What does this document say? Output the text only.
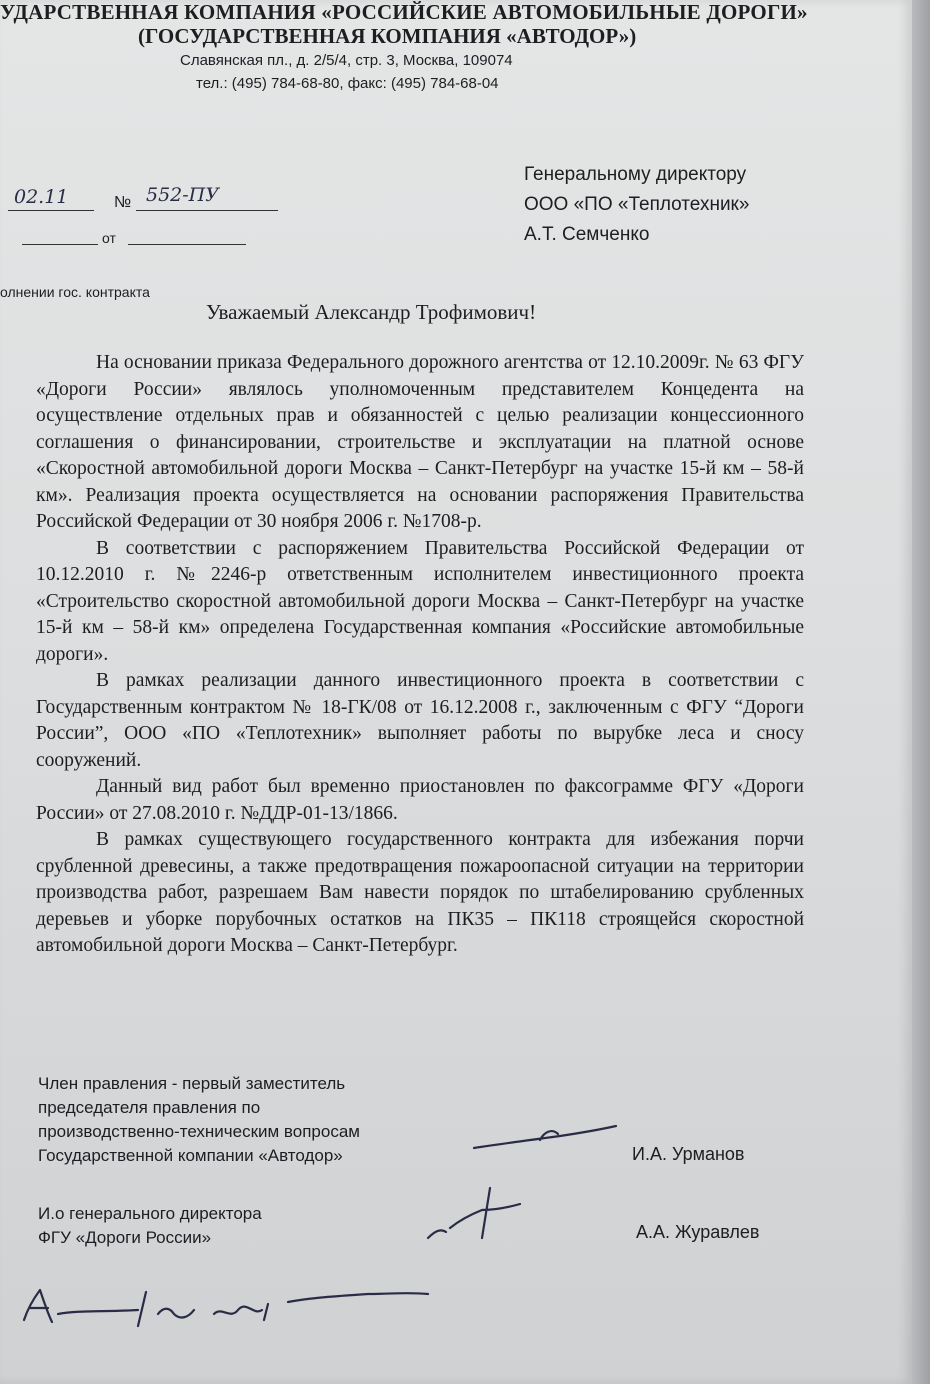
УДАРСТВЕННАЯ КОМПАНИЯ «РОССИЙСКИЕ АВТОМОБИЛЬНЫЕ ДОРОГИ»
(ГОСУДАРСТВЕННАЯ КОМПАНИЯ «АВТОДОР»)
Славянская пл., д. 2/5/4, стр. 3, Москва, 109074
тел.: (495) 784-68-80, факс: (495) 784-68-04
02.11	№ 552-ПУ
от
Генеральному директору
ООО «ПО «Теплотехник»
А.Т. Семченко
олнении гос. контракта
Уважаемый Александр Трофимович!

На основании приказа Федерального дорожного агентства от 12.10.2009г. № 63 ФГУ «Дороги России» являлось уполномоченным представителем Концедента на осуществление отдельных прав и обязанностей с целью реализации концессионного соглашения о финансировании, строительстве и эксплуатации на платной основе «Скоростной автомобильной дороги Москва – Санкт-Петербург на участке 15-й км – 58-й км». Реализация проекта осуществляется на основании распоряжения Правительства Российской Федерации от 30 ноября 2006 г. №1708-р.

В соответствии с распоряжением Правительства Российской Федерации от 10.12.2010 г. №2246-р ответственным исполнителем инвестиционного проекта «Строительство скоростной автомобильной дороги Москва – Санкт-Петербург на участке 15-й км – 58-й км» определена Государственная компания «Российские автомобильные дороги».

В рамках реализации данного инвестиционного проекта в соответствии с Государственным контрактом № 18-ГК/08 от 16.12.2008 г., заключенным с ФГУ “Дороги России”, ООО «ПО «Теплотехник» выполняет работы по вырубке леса и сносу сооружений.

Данный вид работ был временно приостановлен по факсограмме ФГУ «Дороги России» от 27.08.2010 г. №ДДР-01-13/1866.

В рамках существующего государственного контракта для избежания порчи срубленной древесины, а также предотвращения пожароопасной ситуации на территории производства работ, разрешаем Вам навести порядок по штабелированию срубленных деревьев и уборке порубочных остатков на ПК35 – ПК118 строящейся скоростной автомобильной дороги Москва – Санкт-Петербург.

Член правления - первый заместитель
председателя правления по
производственно-техническим вопросам
Государственной компании «Автодор»	И.А. Урманов
И.о генерального директора
ФГУ «Дороги России»	А.А. Журавлев
